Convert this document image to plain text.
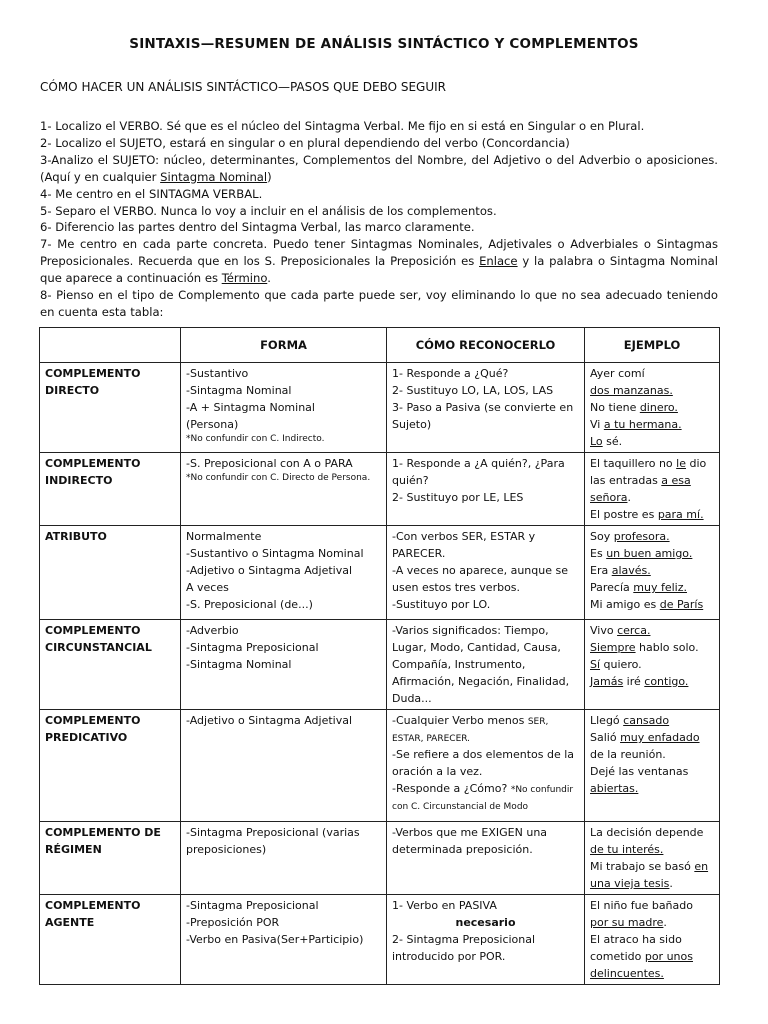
SINTAXIS—RESUMEN DE ANÁLISIS SINTÁCTICO Y COMPLEMENTOS
CÓMO HACER UN ANÁLISIS SINTÁCTICO—PASOS QUE DEBO SEGUIR

1- Localizo el VERBO. Sé que es el núcleo del Sintagma Verbal. Me fijo en si está en Singular o en Plural.

2- Localizo el SUJETO, estará en singular o en plural dependiendo del verbo (Concordancia)

3-Analizo el SUJETO: núcleo, determinantes, Complementos del Nombre, del Adjetivo o del Adverbio o aposiciones. (Aquí y en cualquier Sintagma Nominal)

4- Me centro en el SINTAGMA VERBAL.

5- Separo el VERBO. Nunca lo voy a incluir en el análisis de los complementos.

6- Diferencio las partes dentro del Sintagma Verbal, las marco claramente.

7- Me centro en cada parte concreta. Puedo tener Sintagmas Nominales, Adjetivales o Adverbiales o Sintagmas Preposicionales. Recuerda que en los S. Preposicionales la Preposición es Enlace y la palabra o Sintagma Nominal que aparece a continuación es Término.

8- Pienso en el tipo de Complemento que cada parte puede ser, voy eliminando lo que no sea adecuado teniendo en cuenta esta tabla:

	FORMA	CÓMO RECONOCERLO	EJEMPLO
COMPLEMENTO DIRECTO	-Sustantivo
-Sintagma Nominal
-A + Sintagma Nominal
(Persona)
*No confundir con C. Indirecto.	1- Responde a ¿Qué?
2- Sustituyo LO, LA, LOS, LAS
3- Paso a Pasiva (se convierte en Sujeto)	Ayer comí
dos manzanas.
No tiene dinero.
Vi a tu hermana.
Lo sé.

COMPLEMENTO INDIRECTO	-S. Preposicional con A o PARA
*No confundir con C. Directo de Persona.	1- Responde a ¿A quién?, ¿Para quién?
2- Sustituyo por LE, LES	El taquillero no le dio las entradas a esa señora.
El postre es para mí.

ATRIBUTO	Normalmente
-Sustantivo o Sintagma Nominal
-Adjetivo o Sintagma Adjetival
A veces
-S. Preposicional (de...)	-Con verbos SER, ESTAR y PARECER.
-A veces no aparece, aunque se usen estos tres verbos.
-Sustituyo por LO.	Soy profesora.
Es un buen amigo.
Era alavés.
Parecía muy feliz.
Mi amigo es de París

COMPLEMENTO CIRCUNSTANCIAL	-Adverbio
-Sintagma Preposicional
-Sintagma Nominal	-Varios significados: Tiempo, Lugar, Modo, Cantidad, Causa, Compañía, Instrumento, Afirmación, Negación, Finalidad, Duda...	Vivo cerca.
Siempre hablo solo.
Sí quiero.
Jamás iré contigo.

COMPLEMENTO PREDICATIVO	-Adjetivo o Sintagma Adjetival	-Cualquier Verbo menos SER, ESTAR, PARECER.
-Se refiere a dos elementos de la oración a la vez.
-Responde a ¿Cómo? *No confundir con C. Circunstancial de Modo	Llegó cansado
Salió muy enfadado de la reunión.
Dejé las ventanas abiertas.

COMPLEMENTO DE RÉGIMEN	-Sintagma Preposicional (varias preposiciones)	-Verbos que me EXIGEN una determinada preposición.	La decisión depende de tu interés.
Mi trabajo se basó en una vieja tesis.

COMPLEMENTO AGENTE	-Sintagma Preposicional
-Preposición POR
-Verbo en Pasiva(Ser+Participio)	1- Verbo en PASIVA
necesario
2- Sintagma Preposicional introducido por POR.	El niño fue bañado por su madre.
El atraco ha sido cometido por unos delincuentes.
